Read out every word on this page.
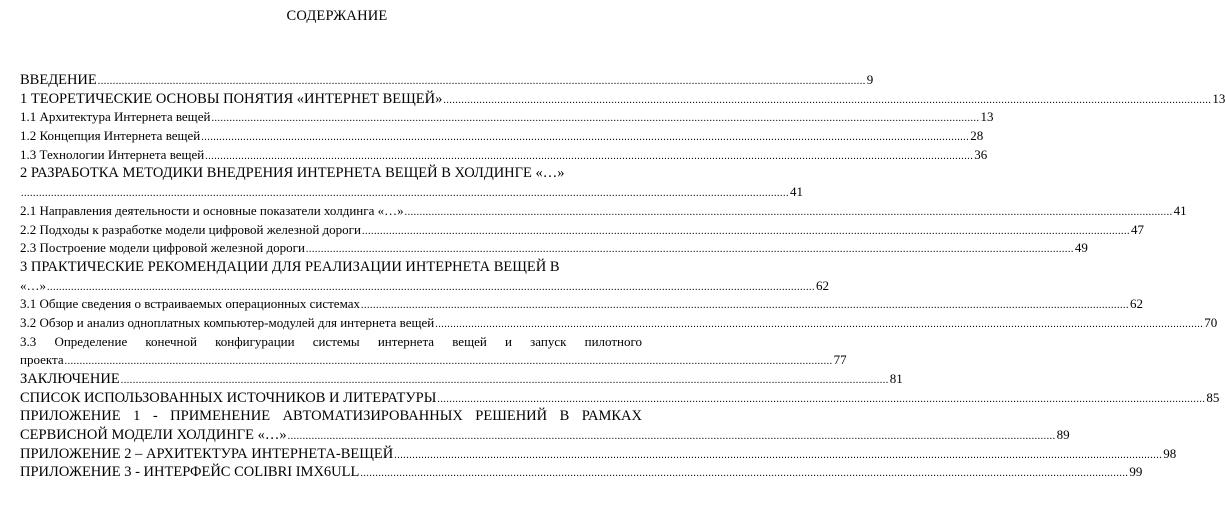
СОДЕРЖАНИЕ
ВВЕДЕНИЕ ................................................................................................................................................................................................................................................................ 9
1 ТЕОРЕТИЧЕСКИЕ ОСНОВЫ ПОНЯТИЯ «ИНТЕРНЕТ ВЕЩЕЙ» ................................................................................................................................................................................................................................................................ 13
1.1 Архитектура Интернета вещей ................................................................................................................................................................................................................................................................ 13
1.2 Концепция Интернета вещей ................................................................................................................................................................................................................................................................ 28
1.3 Технологии Интернета вещей ................................................................................................................................................................................................................................................................ 36
2 РАЗРАБОТКА МЕТОДИКИ ВНЕДРЕНИЯ ИНТЕРНЕТА ВЕЩЕЙ В ХОЛДИНГЕ «…»
................................................................................................................................................................................................................................................................ 41
2.1 Направления деятельности и основные показатели холдинга «…» ................................................................................................................................................................................................................................................................ 41
2.2 Подходы к разработке модели цифровой железной дороги ................................................................................................................................................................................................................................................................ 47
2.3 Построение модели цифровой железной дороги ................................................................................................................................................................................................................................................................ 49
3 ПРАКТИЧЕСКИЕ РЕКОМЕНДАЦИИ ДЛЯ РЕАЛИЗАЦИИ ИНТЕРНЕТА ВЕЩЕЙ В
«…» ................................................................................................................................................................................................................................................................ 62
3.1 Общие сведения о встраиваемых операционных системах ................................................................................................................................................................................................................................................................ 62
3.2 Обзор и анализ одноплатных компьютер-модулей для интернета вещей ................................................................................................................................................................................................................................................................ 70
3.3 Определение конечной конфигурации системы интернета вещей и запуск пилотного
проекта ................................................................................................................................................................................................................................................................ 77
ЗАКЛЮЧЕНИЕ ................................................................................................................................................................................................................................................................ 81
СПИСОК ИСПОЛЬЗОВАННЫХ ИСТОЧНИКОВ И ЛИТЕРАТУРЫ ................................................................................................................................................................................................................................................................ 85
ПРИЛОЖЕНИЕ 1 - ПРИМЕНЕНИЕ АВТОМАТИЗИРОВАННЫХ РЕШЕНИЙ В РАМКАХ
СЕРВИСНОЙ МОДЕЛИ ХОЛДИНГЕ «…» ................................................................................................................................................................................................................................................................ 89
ПРИЛОЖЕНИЕ 2 – АРХИТЕКТУРА ИНТЕРНЕТА-ВЕЩЕЙ ................................................................................................................................................................................................................................................................ 98
ПРИЛОЖЕНИЕ 3 - ИНТЕРФЕЙС COLIBRI IMX6ULL ................................................................................................................................................................................................................................................................ 99
